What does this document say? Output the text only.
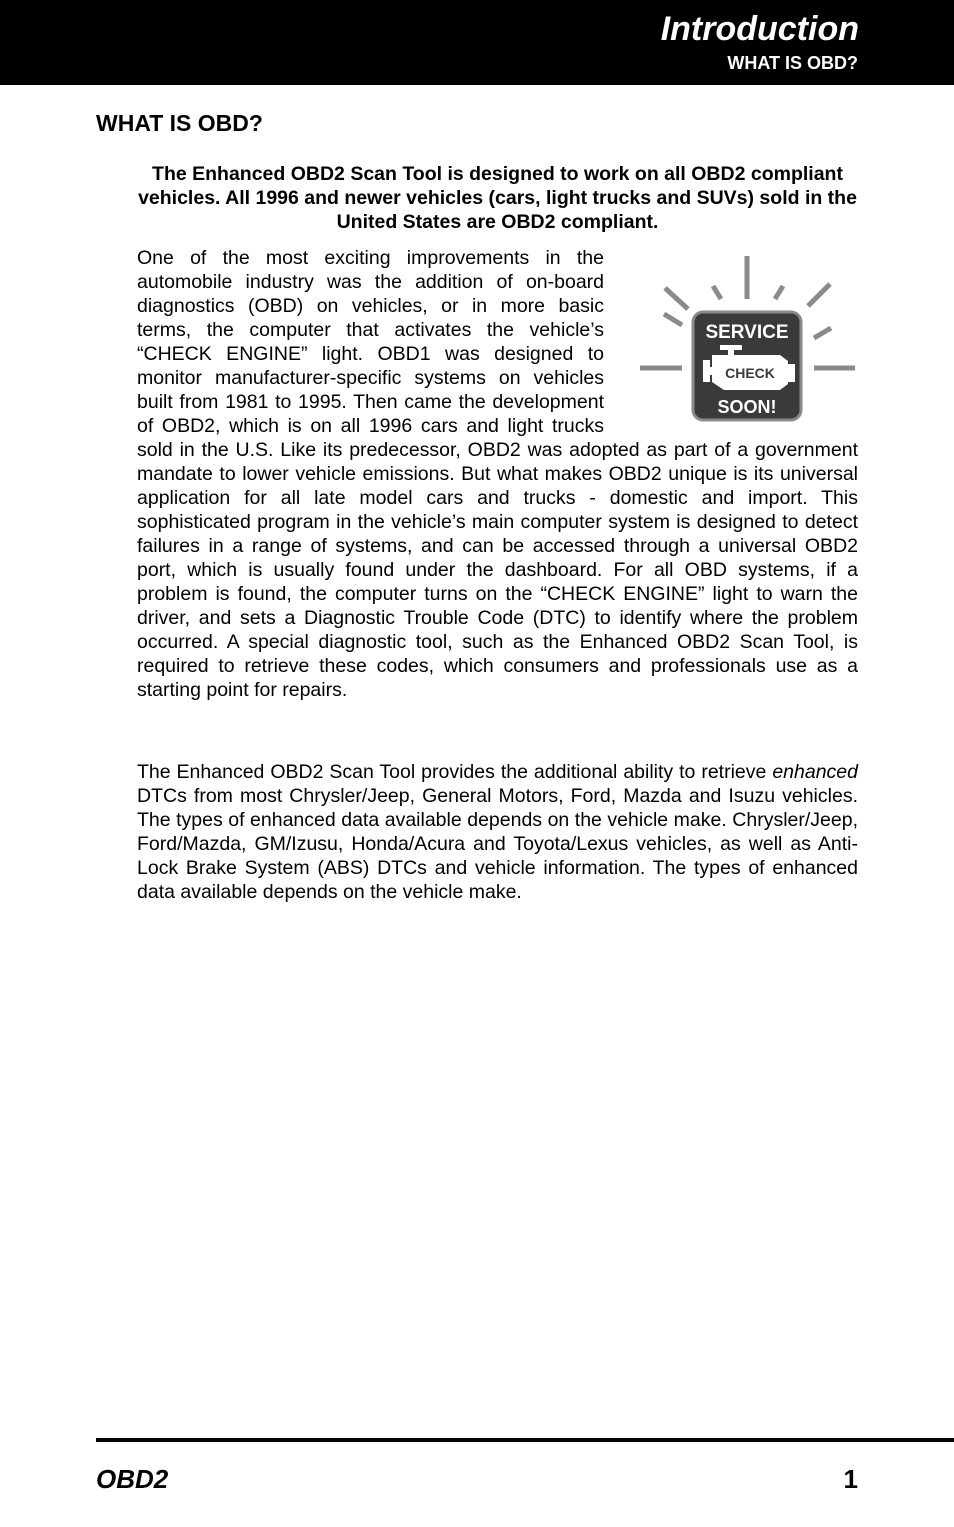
Introduction
WHAT IS OBD?
WHAT IS OBD?

The Enhanced OBD2 Scan Tool is designed to work on all OBD2 compliant vehicles. All 1996 and newer vehicles (cars, light trucks and SUVs) sold in the United States are OBD2 compliant.

SERVICE
CHECK
SOON!
One of the most exciting improvements in the automobile industry was the addition of on-board diagnostics (OBD) on vehicles, or in more basic terms, the computer that activates the vehicle’s “CHECK ENGINE” light. OBD1 was designed to monitor manufacturer-specific systems on vehicles built from 1981 to 1995. Then came the development of OBD2, which is on all 1996 cars and light trucks sold in the U.S. Like its predecessor, OBD2 was adopted as part of a government mandate to lower vehicle emissions. But what makes OBD2 unique is its universal application for all late model cars and trucks - domestic and import. This sophisticated program in the vehicle’s main computer system is designed to detect failures in a range of systems, and can be accessed through a universal OBD2 port, which is usually found under the dashboard. For all OBD systems, if a problem is found, the computer turns on the “CHECK ENGINE” light to warn the driver, and sets a Diagnostic Trouble Code (DTC) to identify where the problem occurred. A special diagnostic tool, such as the Enhanced OBD2 Scan Tool, is required to retrieve these codes, which consumers and professionals use as a starting point for repairs.

The Enhanced OBD2 Scan Tool provides the additional ability to retrieve enhanced DTCs from most Chrysler/Jeep, General Motors, Ford, Mazda and Isuzu vehicles. The types of enhanced data available depends on the vehicle make. Chrysler/Jeep, Ford/Mazda, GM/Izusu, Honda/Acura and Toyota/Lexus vehicles, as well as Anti-Lock Brake System (ABS) DTCs and vehicle information. The types of enhanced data available depends on the vehicle make.

OBD2	1
